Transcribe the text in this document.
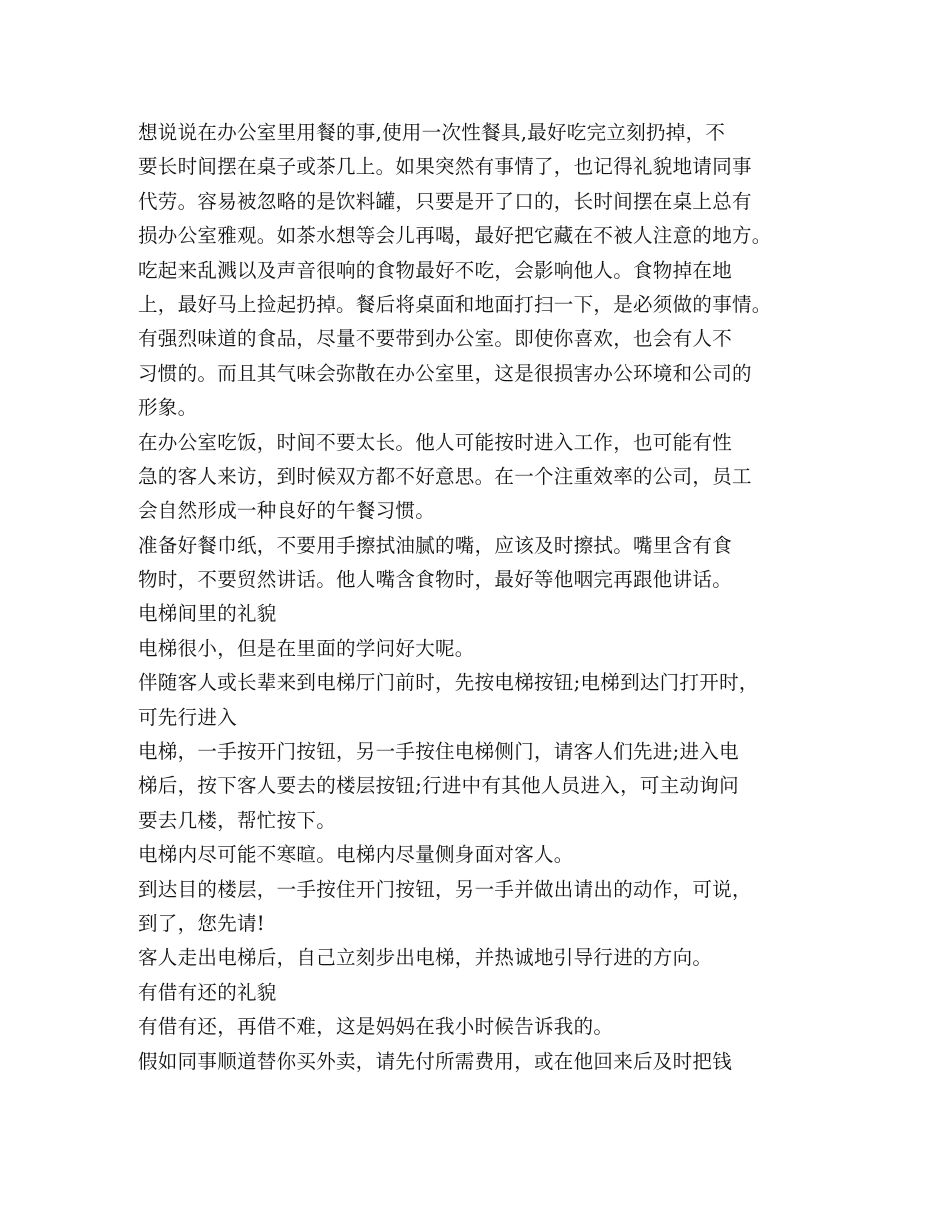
想说说在办公室里用餐的事,使用一次性餐具,最好吃完立刻扔掉，不
要长时间摆在桌子或茶几上。如果突然有事情了，也记得礼貌地请同事
代劳。容易被忽略的是饮料罐，只要是开了口的，长时间摆在桌上总有
损办公室雅观。如茶水想等会儿再喝，最好把它藏在不被人注意的地方。
吃起来乱溅以及声音很响的食物最好不吃，会影响他人。食物掉在地
上，最好马上捡起扔掉。餐后将桌面和地面打扫一下，是必须做的事情。
有强烈味道的食品，尽量不要带到办公室。即使你喜欢，也会有人不
习惯的。而且其气味会弥散在办公室里，这是很损害办公环境和公司的
形象。
在办公室吃饭，时间不要太长。他人可能按时进入工作，也可能有性
急的客人来访，到时候双方都不好意思。在一个注重效率的公司，员工
会自然形成一种良好的午餐习惯。
准备好餐巾纸，不要用手擦拭油腻的嘴，应该及时擦拭。嘴里含有食
物时，不要贸然讲话。他人嘴含食物时，最好等他咽完再跟他讲话。
电梯间里的礼貌
电梯很小，但是在里面的学问好大呢。
伴随客人或长辈来到电梯厅门前时，先按电梯按钮;电梯到达门打开时，
可先行进入
电梯，一手按开门按钮，另一手按住电梯侧门，请客人们先进;进入电
梯后，按下客人要去的楼层按钮;行进中有其他人员进入，可主动询问
要去几楼，帮忙按下。
电梯内尽可能不寒暄。电梯内尽量侧身面对客人。
到达目的楼层，一手按住开门按钮，另一手并做出请出的动作，可说，
到了，您先请!
客人走出电梯后，自己立刻步出电梯，并热诚地引导行进的方向。
有借有还的礼貌
有借有还，再借不难，这是妈妈在我小时候告诉我的。
假如同事顺道替你买外卖，请先付所需费用，或在他回来后及时把钱
